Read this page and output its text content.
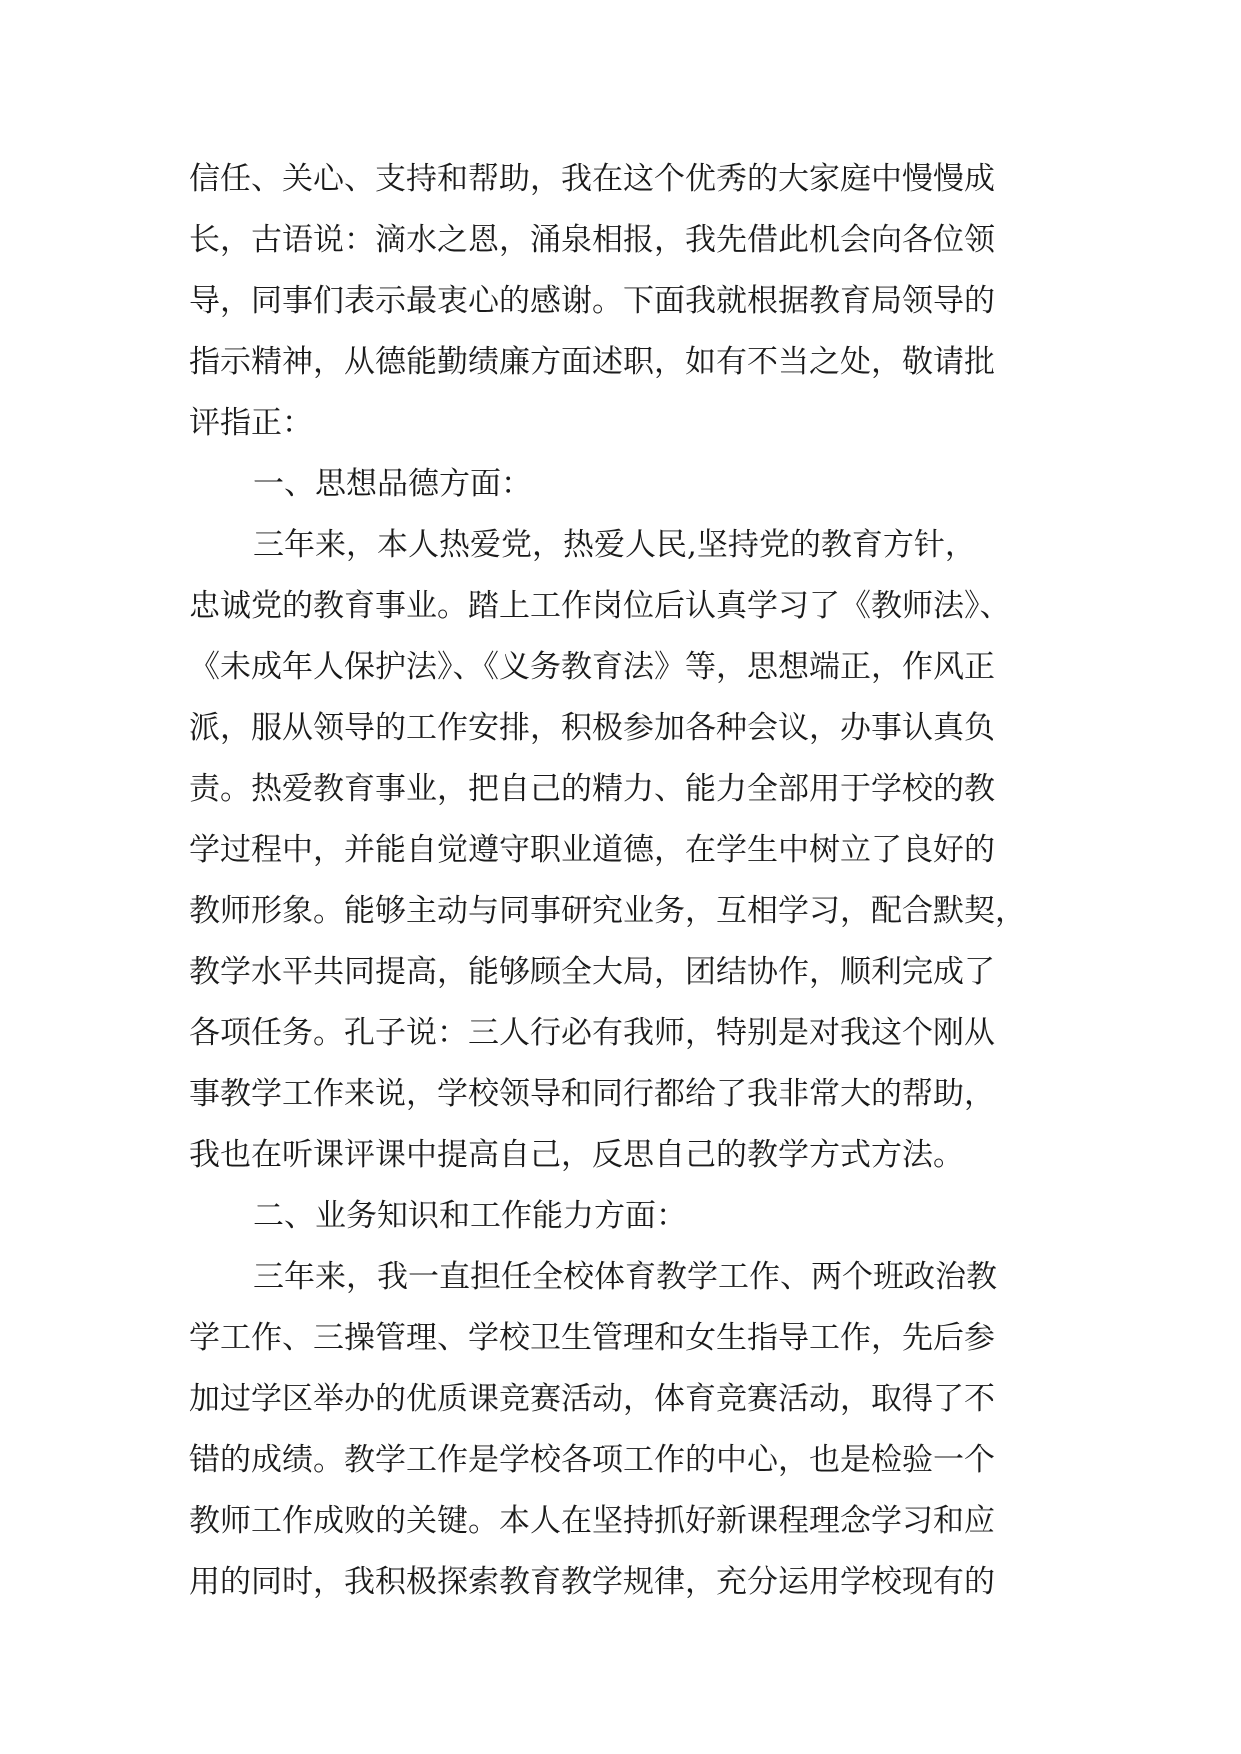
信任、关心、支持和帮助，我在这个优秀的大家庭中慢慢成
长，古语说：滴水之恩，涌泉相报，我先借此机会向各位领
导，同事们表示最衷心的感谢。下面我就根据教育局领导的
指示精神，从德能勤绩廉方面述职，如有不当之处，敬请批
评指正：
一、思想品德方面：
三年来，本人热爱党，热爱人民,坚持党的教育方针，
忠诚党的教育事业。踏上工作岗位后认真学习了《教师法》、
《未成年人保护法》、《义务教育法》等，思想端正，作风正
派，服从领导的工作安排，积极参加各种会议，办事认真负
责。热爱教育事业，把自己的精力、能力全部用于学校的教
学过程中，并能自觉遵守职业道德，在学生中树立了良好的
教师形象。能够主动与同事研究业务，互相学习，配合默契，
教学水平共同提高，能够顾全大局，团结协作，顺利完成了
各项任务。孔子说：三人行必有我师，特别是对我这个刚从
事教学工作来说，学校领导和同行都给了我非常大的帮助，
我也在听课评课中提高自己，反思自己的教学方式方法。
二、业务知识和工作能力方面：
三年来，我一直担任全校体育教学工作、两个班政治教
学工作、三操管理、学校卫生管理和女生指导工作，先后参
加过学区举办的优质课竞赛活动，体育竞赛活动，取得了不
错的成绩。教学工作是学校各项工作的中心，也是检验一个
教师工作成败的关键。本人在坚持抓好新课程理念学习和应
用的同时，我积极探索教育教学规律，充分运用学校现有的
